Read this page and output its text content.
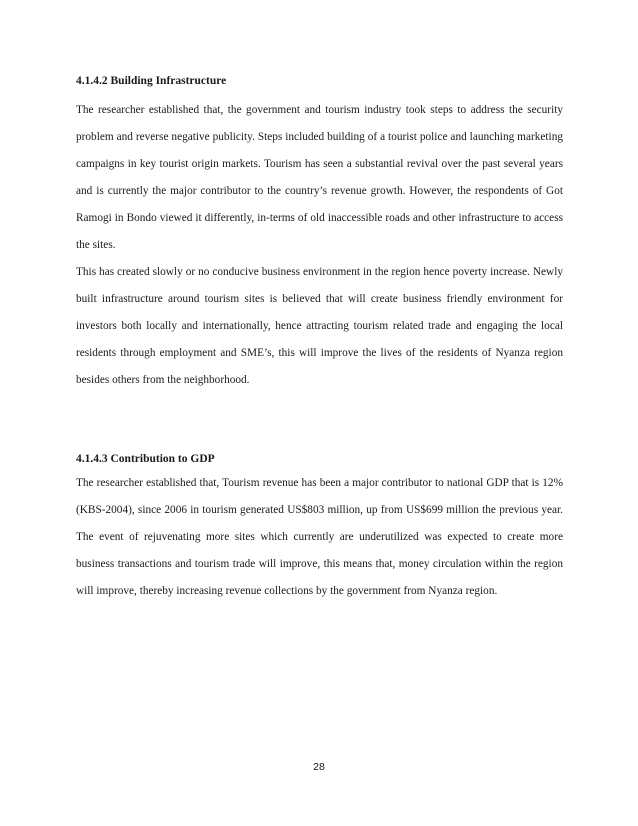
4.1.4.2 Building Infrastructure

The researcher established that, the government and tourism industry took steps to address the security problem and reverse negative publicity. Steps included building of a tourist police and launching marketing campaigns in key tourist origin markets. Tourism has seen a substantial revival over the past several years and is currently the major contributor to the country’s revenue growth. However, the respondents of Got Ramogi in Bondo viewed it differently, in-terms of old inaccessible roads and other infrastructure to access the sites.

This has created slowly or no conducive business environment in the region hence poverty increase. Newly built infrastructure around tourism sites is believed that will create business friendly environment for investors both locally and internationally, hence attracting tourism related trade and engaging the local residents through employment and SME’s, this will improve the lives of the residents of Nyanza region besides others from the neighborhood.

4.1.4.3 Contribution to GDP

The researcher established that, Tourism revenue has been a major contributor to national GDP that is 12% (KBS-2004), since 2006 in tourism generated US$803 million, up from US$699 million the previous year. The event of rejuvenating more sites which currently are underutilized was expected to create more business transactions and tourism trade will improve, this means that, money circulation within the region will improve, thereby increasing revenue collections by the government from Nyanza region.

28
